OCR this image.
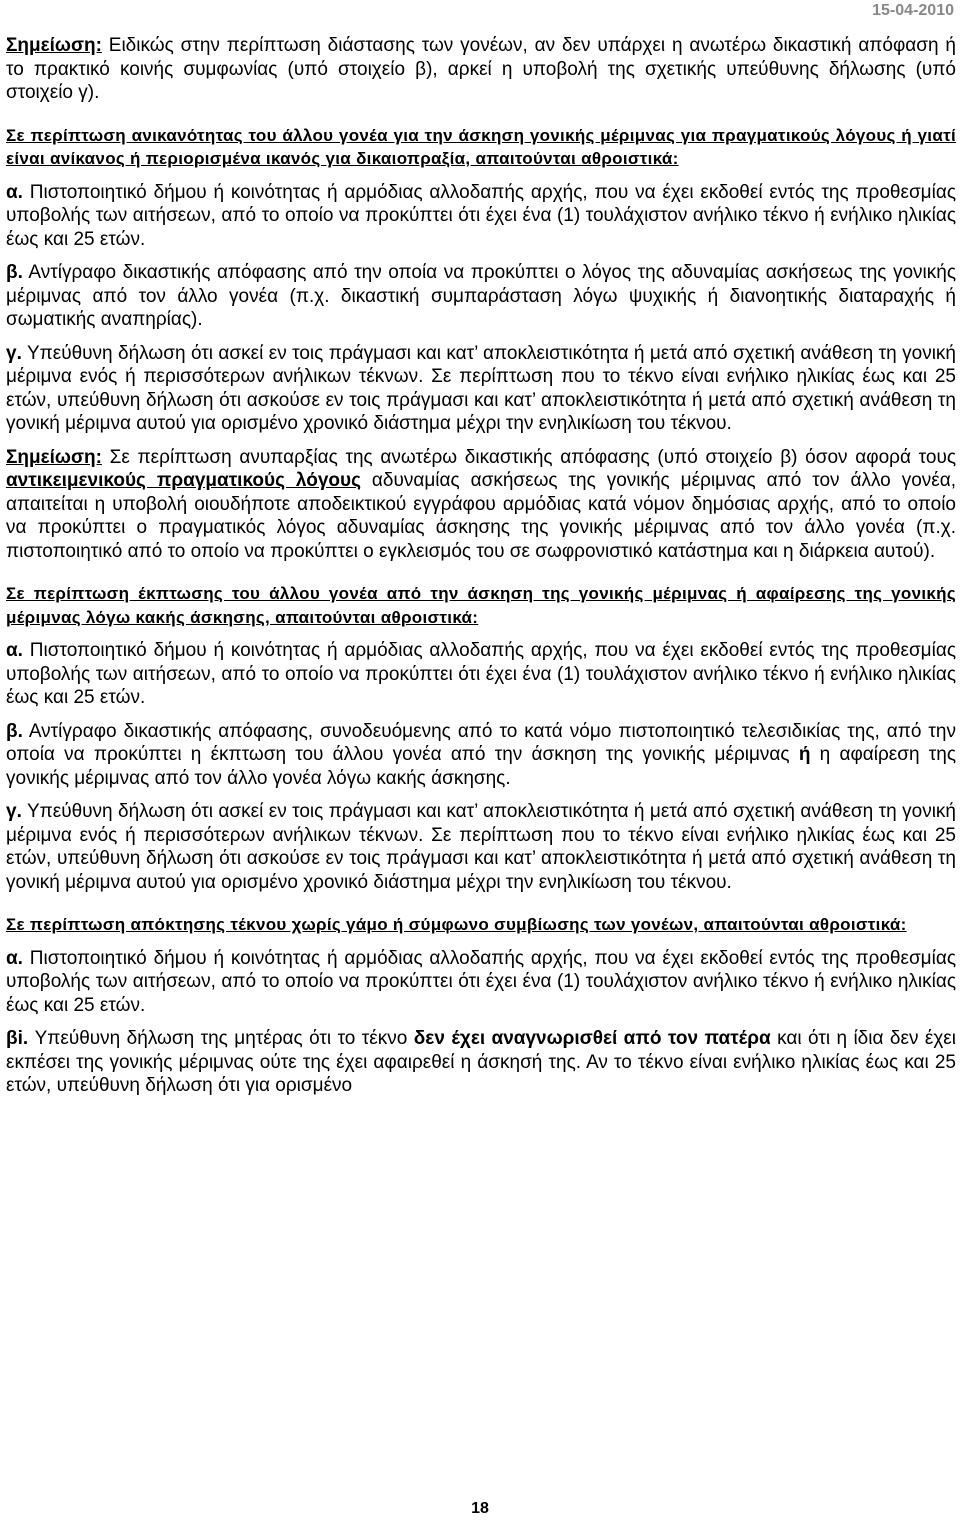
15-04-2010

Σημείωση: Ειδικώς στην περίπτωση διάστασης των γονέων, αν δεν υπάρχει η ανωτέρω δικαστική απόφαση ή το πρακτικό κοινής συμφωνίας (υπό στοιχείο β), αρκεί η υποβολή της σχετικής υπεύθυνης δήλωσης (υπό στοιχείο γ).

Σε περίπτωση ανικανότητας του άλλου γονέα για την άσκηση γονικής μέριμνας για πραγματικούς λόγους ή γιατί είναι ανίκανος ή περιορισμένα ικανός για δικαιοπραξία, απαιτούνται αθροιστικά:

α. Πιστοποιητικό δήμου ή κοινότητας ή αρμόδιας αλλοδαπής αρχής, που να έχει εκδοθεί εντός της προθεσμίας υποβολής των αιτήσεων, από το οποίο να προκύπτει ότι έχει ένα (1) τουλάχιστον ανήλικο τέκνο ή ενήλικο ηλικίας έως και 25 ετών.

β. Αντίγραφο δικαστικής απόφασης από την οποία να προκύπτει ο λόγος της αδυναμίας ασκήσεως της γονικής μέριμνας από τον άλλο γονέα (π.χ. δικαστική συμπαράσταση λόγω ψυχικής ή διανοητικής διαταραχής ή σωματικής αναπηρίας).

γ. Υπεύθυνη δήλωση ότι ασκεί εν τοις πράγμασι και κατ’ αποκλειστικότητα ή μετά από σχετική ανάθεση τη γονική μέριμνα ενός ή περισσότερων ανήλικων τέκνων. Σε περίπτωση που το τέκνο είναι ενήλικο ηλικίας έως και 25 ετών, υπεύθυνη δήλωση ότι ασκούσε εν τοις πράγμασι και κατ’ αποκλειστικότητα ή μετά από σχετική ανάθεση τη γονική μέριμνα αυτού για ορισμένο χρονικό διάστημα μέχρι την ενηλικίωση του τέκνου.

Σημείωση: Σε περίπτωση ανυπαρξίας της ανωτέρω δικαστικής απόφασης (υπό στοιχείο β) όσον αφορά τους αντικειμενικούς πραγματικούς λόγους αδυναμίας ασκήσεως της γονικής μέριμνας από τον άλλο γονέα, απαιτείται η υποβολή οιουδήποτε αποδεικτικού εγγράφου αρμόδιας κατά νόμον δημόσιας αρχής, από το οποίο να προκύπτει ο πραγματικός λόγος αδυναμίας άσκησης της γονικής μέριμνας από τον άλλο γονέα (π.χ. πιστοποιητικό από το οποίο να προκύπτει ο εγκλεισμός του σε σωφρονιστικό κατάστημα και η διάρκεια αυτού).

Σε περίπτωση έκπτωσης του άλλου γονέα από την άσκηση της γονικής μέριμνας ή αφαίρεσης της γονικής μέριμνας λόγω κακής άσκησης, απαιτούνται αθροιστικά:

α. Πιστοποιητικό δήμου ή κοινότητας ή αρμόδιας αλλοδαπής αρχής, που να έχει εκδοθεί εντός της προθεσμίας υποβολής των αιτήσεων, από το οποίο να προκύπτει ότι έχει ένα (1) τουλάχιστον ανήλικο τέκνο ή ενήλικο ηλικίας έως και 25 ετών.

β. Αντίγραφο δικαστικής απόφασης, συνοδευόμενης από το κατά νόμο πιστοποιητικό τελεσιδικίας της, από την οποία να προκύπτει η έκπτωση του άλλου γονέα από την άσκηση της γονικής μέριμνας ή η αφαίρεση της γονικής μέριμνας από τον άλλο γονέα λόγω κακής άσκησης.

γ. Υπεύθυνη δήλωση ότι ασκεί εν τοις πράγμασι και κατ’ αποκλειστικότητα ή μετά από σχετική ανάθεση τη γονική μέριμνα ενός ή περισσότερων ανήλικων τέκνων. Σε περίπτωση που το τέκνο είναι ενήλικο ηλικίας έως και 25 ετών, υπεύθυνη δήλωση ότι ασκούσε εν τοις πράγμασι και κατ’ αποκλειστικότητα ή μετά από σχετική ανάθεση τη γονική μέριμνα αυτού για ορισμένο χρονικό διάστημα μέχρι την ενηλικίωση του τέκνου.

Σε περίπτωση απόκτησης τέκνου χωρίς γάμο ή σύμφωνο συμβίωσης των γονέων, απαιτούνται αθροιστικά:

α. Πιστοποιητικό δήμου ή κοινότητας ή αρμόδιας αλλοδαπής αρχής, που να έχει εκδοθεί εντός της προθεσμίας υποβολής των αιτήσεων, από το οποίο να προκύπτει ότι έχει ένα (1) τουλάχιστον ανήλικο τέκνο ή ενήλικο ηλικίας έως και 25 ετών.

βi. Υπεύθυνη δήλωση της μητέρας ότι το τέκνο δεν έχει αναγνωρισθεί από τον πατέρα και ότι η ίδια δεν έχει εκπέσει της γονικής μέριμνας ούτε της έχει αφαιρεθεί η άσκησή της. Αν το τέκνο είναι ενήλικο ηλικίας έως και 25 ετών, υπεύθυνη δήλωση ότι για ορισμένο

18
